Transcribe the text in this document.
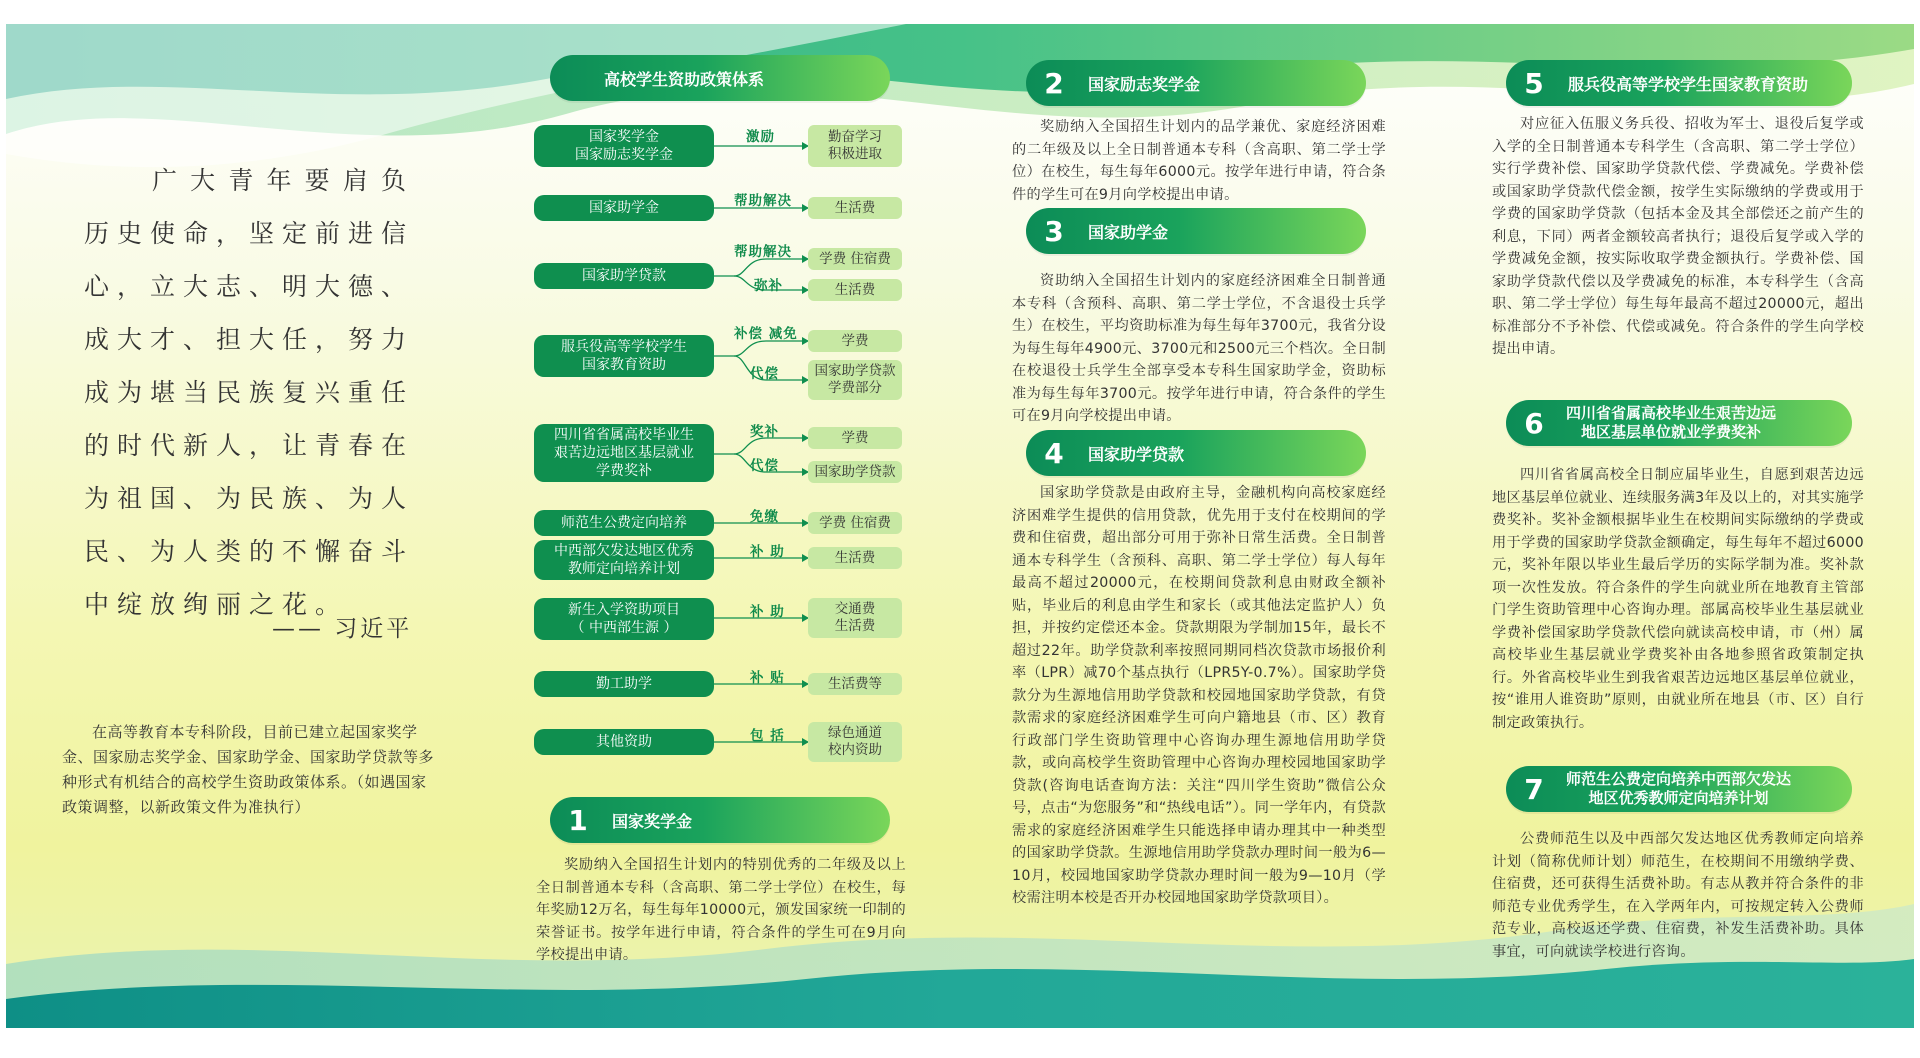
广大青年要肩负历史使命，坚定前进信心，立大志、明大德、成大才、担大任，努力成为堪当民族复兴重任的时代新人，让青春在为祖国、为民族、为人民、为人类的不懈奋斗中绽放绚丽之花。
—— 习近平
在高等教育本专科阶段，目前已建立起国家奖学金、国家励志奖学金、国家助学金、国家助学贷款等多种形式有机结合的高校学生资助政策体系。（如遇国家政策调整，以新政策文件为准执行）
高校学生资助政策体系
国家奖学金
国家励志奖学金
国家助学金
国家助学贷款
服兵役高等学校学生
国家教育资助
四川省省属高校毕业生
艰苦边远地区基层就业
学费奖补
师范生公费定向培养
中西部欠发达地区优秀
教师定向培养计划
新生入学资助项目
（ 中西部生源 ）
勤工助学
其他资助
激励
帮助解决
帮助解决
弥补
补偿 减免
代偿
奖补
代偿
免缴
补 助
补 助
补 贴
包 括
勤奋学习
积极进取
生活费
学费 住宿费
生活费
学费
国家助学贷款
学费部分
学费
国家助学贷款
学费 住宿费
生活费
交通费
生活费
生活费等
绿色通道
校内资助
1	国家奖学金
奖励纳入全国招生计划内的特别优秀的二年级及以上全日制普通本专科（含高职、第二学士学位）在校生，每年奖励12万名，每生每年10000元，颁发国家统一印制的荣誉证书。按学年进行申请，符合条件的学生可在9月向学校提出申请。
2	国家励志奖学金
奖励纳入全国招生计划内的品学兼优、家庭经济困难的二年级及以上全日制普通本专科（含高职、第二学士学位）在校生，每生每年6000元。按学年进行申请，符合条件的学生可在9月向学校提出申请。
3	国家助学金
资助纳入全国招生计划内的家庭经济困难全日制普通本专科（含预科、高职、第二学士学位，不含退役士兵学生）在校生，平均资助标准为每生每年3700元，我省分设为每生每年4900元、3700元和2500元三个档次。全日制在校退役士兵学生全部享受本专科生国家助学金，资助标准为每生每年3700元。按学年进行申请，符合条件的学生可在9月向学校提出申请。
4	国家助学贷款
国家助学贷款是由政府主导，金融机构向高校家庭经济困难学生提供的信用贷款，优先用于支付在校期间的学费和住宿费，超出部分可用于弥补日常生活费。全日制普通本专科学生（含预科、高职、第二学士学位）每人每年最高不超过20000元，在校期间贷款利息由财政全额补贴，毕业后的利息由学生和家长（或其他法定监护人）负担，并按约定偿还本金。贷款期限为学制加15年，最长不超过22年。助学贷款利率按照同期同档次贷款市场报价利率（LPR）减70个基点执行（LPR5Y-0.7%）。国家助学贷款分为生源地信用助学贷款和校园地国家助学贷款，有贷款需求的家庭经济困难学生可向户籍地县（市、区）教育行政部门学生资助管理中心咨询办理生源地信用助学贷款，或向高校学生资助管理中心咨询办理校园地国家助学贷款(咨询电话查询方法：关注“四川学生资助”微信公众号，点击“为您服务”和“热线电话”）。同一学年内，有贷款需求的家庭经济困难学生只能选择申请办理其中一种类型的国家助学贷款。生源地信用助学贷款办理时间一般为6—10月，校园地国家助学贷款办理时间一般为9—10月（学校需注明本校是否开办校园地国家助学贷款项目）。
5	服兵役高等学校学生国家教育资助
对应征入伍服义务兵役、招收为军士、退役后复学或入学的全日制普通本专科学生（含高职、第二学士学位）实行学费补偿、国家助学贷款代偿、学费减免。学费补偿或国家助学贷款代偿金额，按学生实际缴纳的学费或用于学费的国家助学贷款（包括本金及其全部偿还之前产生的利息，下同）两者金额较高者执行；退役后复学或入学的学费减免金额，按实际收取学费金额执行。学费补偿、国家助学贷款代偿以及学费减免的标准，本专科学生（含高职、第二学士学位）每生每年最高不超过20000元，超出标准部分不予补偿、代偿或减免。符合条件的学生向学校提出申请。
6	四川省省属高校毕业生艰苦边远
地区基层单位就业学费奖补
四川省省属高校全日制应届毕业生，自愿到艰苦边远地区基层单位就业、连续服务满3年及以上的，对其实施学费奖补。奖补金额根据毕业生在校期间实际缴纳的学费或用于学费的国家助学贷款金额确定，每生每年不超过6000元，奖补年限以毕业生最后学历的实际学制为准。奖补款项一次性发放。符合条件的学生向就业所在地教育主管部门学生资助管理中心咨询办理。部属高校毕业生基层就业学费补偿国家助学贷款代偿向就读高校申请，市（州）属高校毕业生基层就业学费奖补由各地参照省政策制定执行。外省高校毕业生到我省艰苦边远地区基层单位就业，按“谁用人谁资助”原则，由就业所在地县（市、区）自行制定政策执行。
7	师范生公费定向培养中西部欠发达
地区优秀教师定向培养计划
公费师范生以及中西部欠发达地区优秀教师定向培养计划（简称优师计划）师范生，在校期间不用缴纳学费、住宿费，还可获得生活费补助。有志从教并符合条件的非师范专业优秀学生，在入学两年内，可按规定转入公费师范专业，高校返还学费、住宿费，补发生活费补助。具体事宜，可向就读学校进行咨询。
